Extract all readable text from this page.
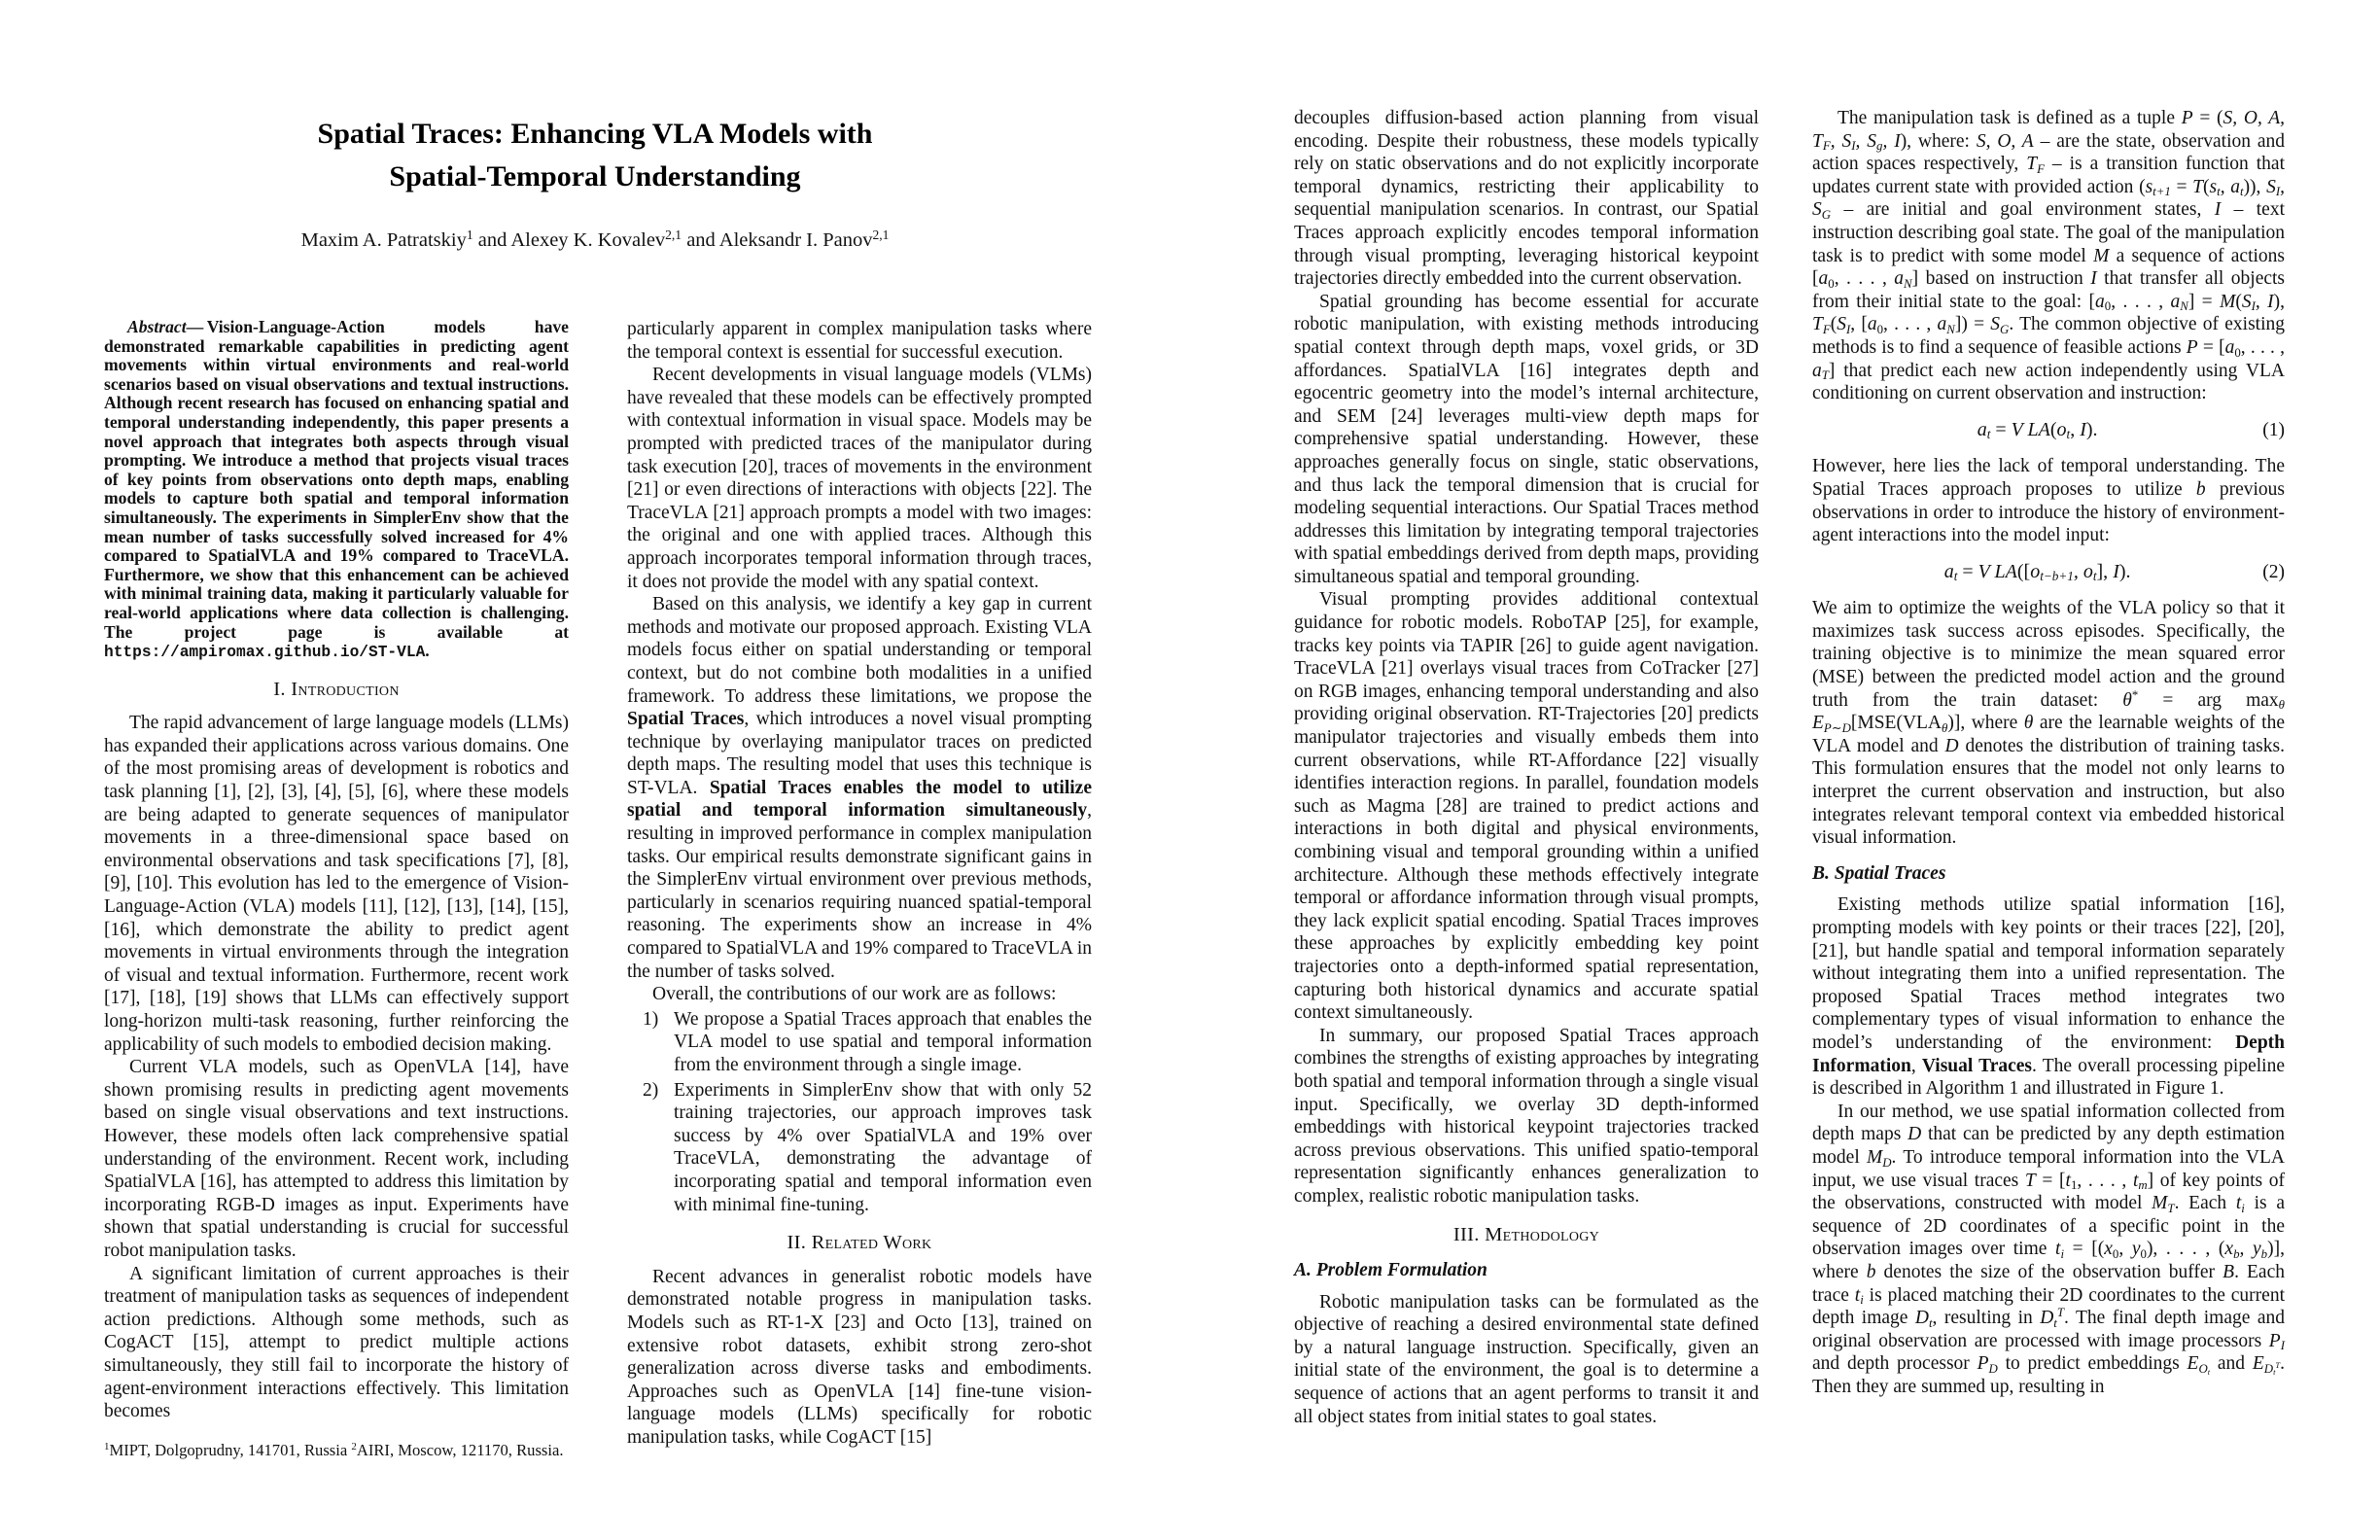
Spatial Traces: Enhancing VLA Models with
Spatial-Temporal Understanding
Maxim A. Patratskiy$^1$ and Alexey K. Kovalev$^{2,1}$ and Aleksandr I. Panov$^{2,1}$

Abstract— Vision-Language-Action models have demonstrated remarkable capabilities in predicting agent movements within virtual environments and real-world scenarios based on visual observations and textual instructions. Although recent research has focused on enhancing spatial and temporal understanding independently, this paper presents a novel approach that integrates both aspects through visual prompting. We introduce a method that projects visual traces of key points from observations onto depth maps, enabling models to capture both spatial and temporal information simultaneously. The experiments in SimplerEnv show that the mean number of tasks successfully solved increased for 4% compared to SpatialVLA and 19% compared to TraceVLA. Furthermore, we show that this enhancement can be achieved with minimal training data, making it particularly valuable for real-world applications where data collection is challenging. The project page is available at https://ampiromax.github.io/ST-VLA.

I. Introduction

The rapid advancement of large language models (LLMs) has expanded their applications across various domains. One of the most promising areas of development is robotics and task planning [1], [2], [3], [4], [5], [6], where these models are being adapted to generate sequences of manipulator movements in a three-dimensional space based on environmental observations and task specifications [7], [8], [9], [10]. This evolution has led to the emergence of Vision-Language-Action (VLA) models [11], [12], [13], [14], [15], [16], which demonstrate the ability to predict agent movements in virtual environments through the integration of visual and textual information. Furthermore, recent work [17], [18], [19] shows that LLMs can effectively support long-horizon multi-task reasoning, further reinforcing the applicability of such models to embodied decision making.

Current VLA models, such as OpenVLA [14], have shown promising results in predicting agent movements based on single visual observations and text instructions. However, these models often lack comprehensive spatial understanding of the environment. Recent work, including SpatialVLA [16], has attempted to address this limitation by incorporating RGB-D images as input. Experiments have shown that spatial understanding is crucial for successful robot manipulation tasks.

A significant limitation of current approaches is their treatment of manipulation tasks as sequences of independent action predictions. Although some methods, such as CogACT [15], attempt to predict multiple actions simultaneously, they still fail to incorporate the history of agent-environment interactions effectively. This limitation becomes

particularly apparent in complex manipulation tasks where the temporal context is essential for successful execution.

Recent developments in visual language models (VLMs) have revealed that these models can be effectively prompted with contextual information in visual space. Models may be prompted with predicted traces of the manipulator during task execution [20], traces of movements in the environment [21] or even directions of interactions with objects [22]. The TraceVLA [21] approach prompts a model with two images: the original and one with applied traces. Although this approach incorporates temporal information through traces, it does not provide the model with any spatial context.

Based on this analysis, we identify a key gap in current methods and motivate our proposed approach. Existing VLA models focus either on spatial understanding or temporal context, but do not combine both modalities in a unified framework. To address these limitations, we propose the Spatial Traces, which introduces a novel visual prompting technique by overlaying manipulator traces on predicted depth maps. The resulting model that uses this technique is ST-VLA. Spatial Traces enables the model to utilize spatial and temporal information simultaneously, resulting in improved performance in complex manipulation tasks. Our empirical results demonstrate significant gains in the SimplerEnv virtual environment over previous methods, particularly in scenarios requiring nuanced spatial-temporal reasoning. The experiments show an increase in 4% compared to SpatialVLA and 19% compared to TraceVLA in the number of tasks solved.

Overall, the contributions of our work are as follows:

1) We propose a Spatial Traces approach that enables the VLA model to use spatial and temporal information from the environment through a single image.
2) Experiments in SimplerEnv show that with only 52 training trajectories, our approach improves task success by 4% over SpatialVLA and 19% over TraceVLA, demonstrating the advantage of incorporating spatial and temporal information even with minimal fine-tuning.
II. Related Work

Recent advances in generalist robotic models have demonstrated notable progress in manipulation tasks. Models such as RT-1-X [23] and Octo [13], trained on extensive robot datasets, exhibit strong zero-shot generalization across diverse tasks and embodiments. Approaches such as OpenVLA [14] fine-tune vision-language models (LLMs) specifically for robotic manipulation tasks, while CogACT [15]

$^1$MIPT, Dolgoprudny, 141701, Russia $^2$AIRI, Moscow, 121170, Russia.

decouples diffusion-based action planning from visual encoding. Despite their robustness, these models typically rely on static observations and do not explicitly incorporate temporal dynamics, restricting their applicability to sequential manipulation scenarios. In contrast, our Spatial Traces approach explicitly encodes temporal information through visual prompting, leveraging historical keypoint trajectories directly embedded into the current observation.

Spatial grounding has become essential for accurate robotic manipulation, with existing methods introducing spatial context through depth maps, voxel grids, or 3D affordances. SpatialVLA [16] integrates depth and egocentric geometry into the model’s internal architecture, and SEM [24] leverages multi-view depth maps for comprehensive spatial understanding. However, these approaches generally focus on single, static observations, and thus lack the temporal dimension that is crucial for modeling sequential interactions. Our Spatial Traces method addresses this limitation by integrating temporal trajectories with spatial embeddings derived from depth maps, providing simultaneous spatial and temporal grounding.

Visual prompting provides additional contextual guidance for robotic models. RoboTAP [25], for example, tracks key points via TAPIR [26] to guide agent navigation. TraceVLA [21] overlays visual traces from CoTracker [27] on RGB images, enhancing temporal understanding and also providing original observation. RT-Trajectories [20] predicts manipulator trajectories and visually embeds them into current observations, while RT-Affordance [22] visually identifies interaction regions. In parallel, foundation models such as Magma [28] are trained to predict actions and interactions in both digital and physical environments, combining visual and temporal grounding within a unified architecture. Although these methods effectively integrate temporal or affordance information through visual prompts, they lack explicit spatial encoding. Spatial Traces improves these approaches by explicitly embedding key point trajectories onto a depth-informed spatial representation, capturing both historical dynamics and accurate spatial context simultaneously.

In summary, our proposed Spatial Traces approach combines the strengths of existing approaches by integrating both spatial and temporal information through a single visual input. Specifically, we overlay 3D depth-informed embeddings with historical keypoint trajectories tracked across previous observations. This unified spatio-temporal representation significantly enhances generalization to complex, realistic robotic manipulation tasks.

III. Methodology
A. Problem Formulation

Robotic manipulation tasks can be formulated as the objective of reaching a desired environmental state defined by a natural language instruction. Specifically, given an initial state of the environment, the goal is to determine a sequence of actions that an agent performs to transit it and all object states from initial states to goal states.

The manipulation task is defined as a tuple P = (S, O, A, $T_F$, $S_I$, $S_g$, I), where: S, O, A – are the state, observation and action spaces respectively, $T_F$ – is a transition function that updates current state with provided action ($s_{t+1} = T(s_t$, $a_t$)), $S_I$, $S_G$ – are initial and goal environment states, I – text instruction describing goal state. The goal of the manipulation task is to predict with some model M a sequence of actions [$a_0$, . . . , $a_N$] based on instruction I that transfer all objects from their initial state to the goal: [$a_0$, . . . , $a_N] = M(S_I$, I), $T_F(S_I$, [$a_0$, . . . , $a_N]) = S_G$. The common objective of existing methods is to find a sequence of feasible actions $P = [a_0$, . . . , $a_T$] that predict each new action independently using VLA conditioning on current observation and instruction:

$a_t = V$ $LA(o_t$, I).	(1)

However, here lies the lack of temporal understanding. The Spatial Traces approach proposes to utilize b previous observations in order to introduce the history of environment-agent interactions into the model input:

$a_t = V$ $LA([o_{t-b+1}$, $o_t$], I).	(2)

We aim to optimize the weights of the VLA policy so that it maximizes task success across episodes. Specifically, the training objective is to minimize the mean squared error (MSE) between the predicted model action and the ground truth from the train dataset: θ* = arg $\max_\theta E_{P\sim D}[MSE(VLA_\theta)]$, where θ are the learnable weights of the VLA model and D denotes the distribution of training tasks. This formulation ensures that the model not only learns to interpret the current observation and instruction, but also integrates relevant temporal context via embedded historical visual information.

B. Spatial Traces

Existing methods utilize spatial information [16], prompting models with key points or their traces [22], [20], [21], but handle spatial and temporal information separately without integrating them into a unified representation. The proposed Spatial Traces method integrates two complementary types of visual information to enhance the model’s understanding of the environment: Depth Information, Visual Traces. The overall processing pipeline is described in Algorithm 1 and illustrated in Figure 1.

In our method, we use spatial information collected from depth maps D that can be predicted by any depth estimation model $M_D$. To introduce temporal information into the VLA input, we use visual traces $T = [t_1$, . . . , $t_m$] of key points of the observations, constructed with model $M_T$. Each $t_i$ is a sequence of 2D coordinates of a specific point in the observation images over time $t_i = [(x_0$, $y_0$), . . . , ($x_b$, $y_b$)], where b denotes the size of the observation buffer B. Each trace $t_i$ is placed matching their 2D coordinates to the current depth image $D_t$, resulting in $D_t^T$. The final depth image and original observation are processed with image processors $P_I$ and depth processor $P_D$ to predict embeddings $E_{O_t}$ and $E_{D_t^T}$. Then they are summed up, resulting in
